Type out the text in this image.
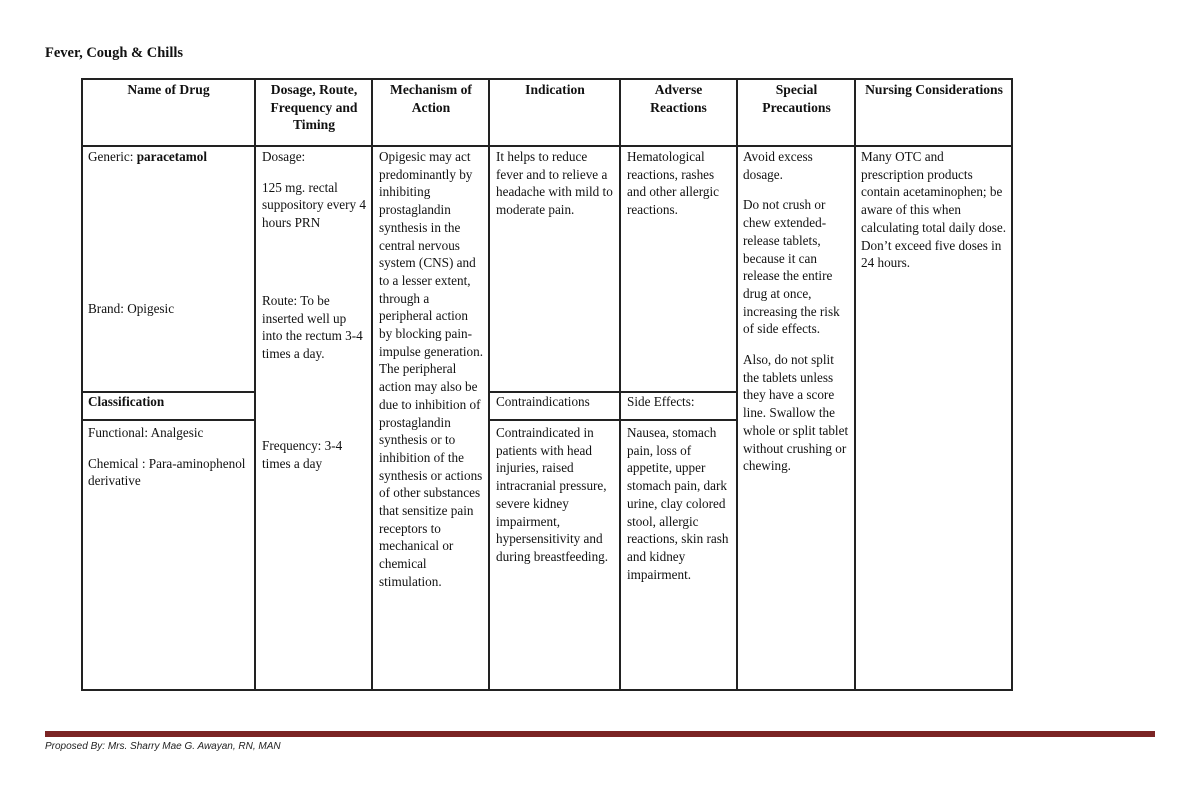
Fever, Cough & Chills
Name of Drug	Dosage, Route, Frequency and Timing
Mechanism of Action
Indication	Adverse Reactions
Special Precautions
Nursing Considerations
Generic: paracetamol
Brand: Opigesic
Classification
Functional: Analgesic
Chemical : Para-aminophenol derivative
Dosage:
125 mg. rectal suppository every 4 hours PRN
Route: To be inserted well up into the rectum 3-4 times a day.
Frequency: 3-4 times a day
Opigesic may act predominantly by inhibiting prostaglandin synthesis in the central nervous system (CNS) and to a lesser extent, through a peripheral action by blocking pain-impulse generation. The peripheral action may also be due to inhibition of prostaglandin synthesis or to inhibition of the synthesis or actions of other substances that sensitize pain receptors to mechanical or chemical stimulation.
It helps to reduce fever and to relieve a headache with mild to moderate pain.
Contraindications
Contraindicated in patients with head injuries, raised intracranial pressure, severe kidney impairment, hypersensitivity and during breastfeeding.
Hematological reactions, rashes and other allergic reactions.
Side Effects:
Nausea, stomach pain, loss of appetite, upper stomach pain, dark urine, clay colored stool, allergic reactions, skin rash and kidney impairment.
Avoid excess dosage.
Do not crush or chew extended-release tablets, because it can release the entire drug at once, increasing the risk of side effects.
Also, do not split the tablets unless they have a score line. Swallow the whole or split tablet without crushing or chewing.
Many OTC and prescription products contain acetaminophen; be aware of this when calculating total daily dose. Don’t exceed five doses in 24 hours.
Proposed By: Mrs. Sharry Mae G. Awayan, RN, MAN
